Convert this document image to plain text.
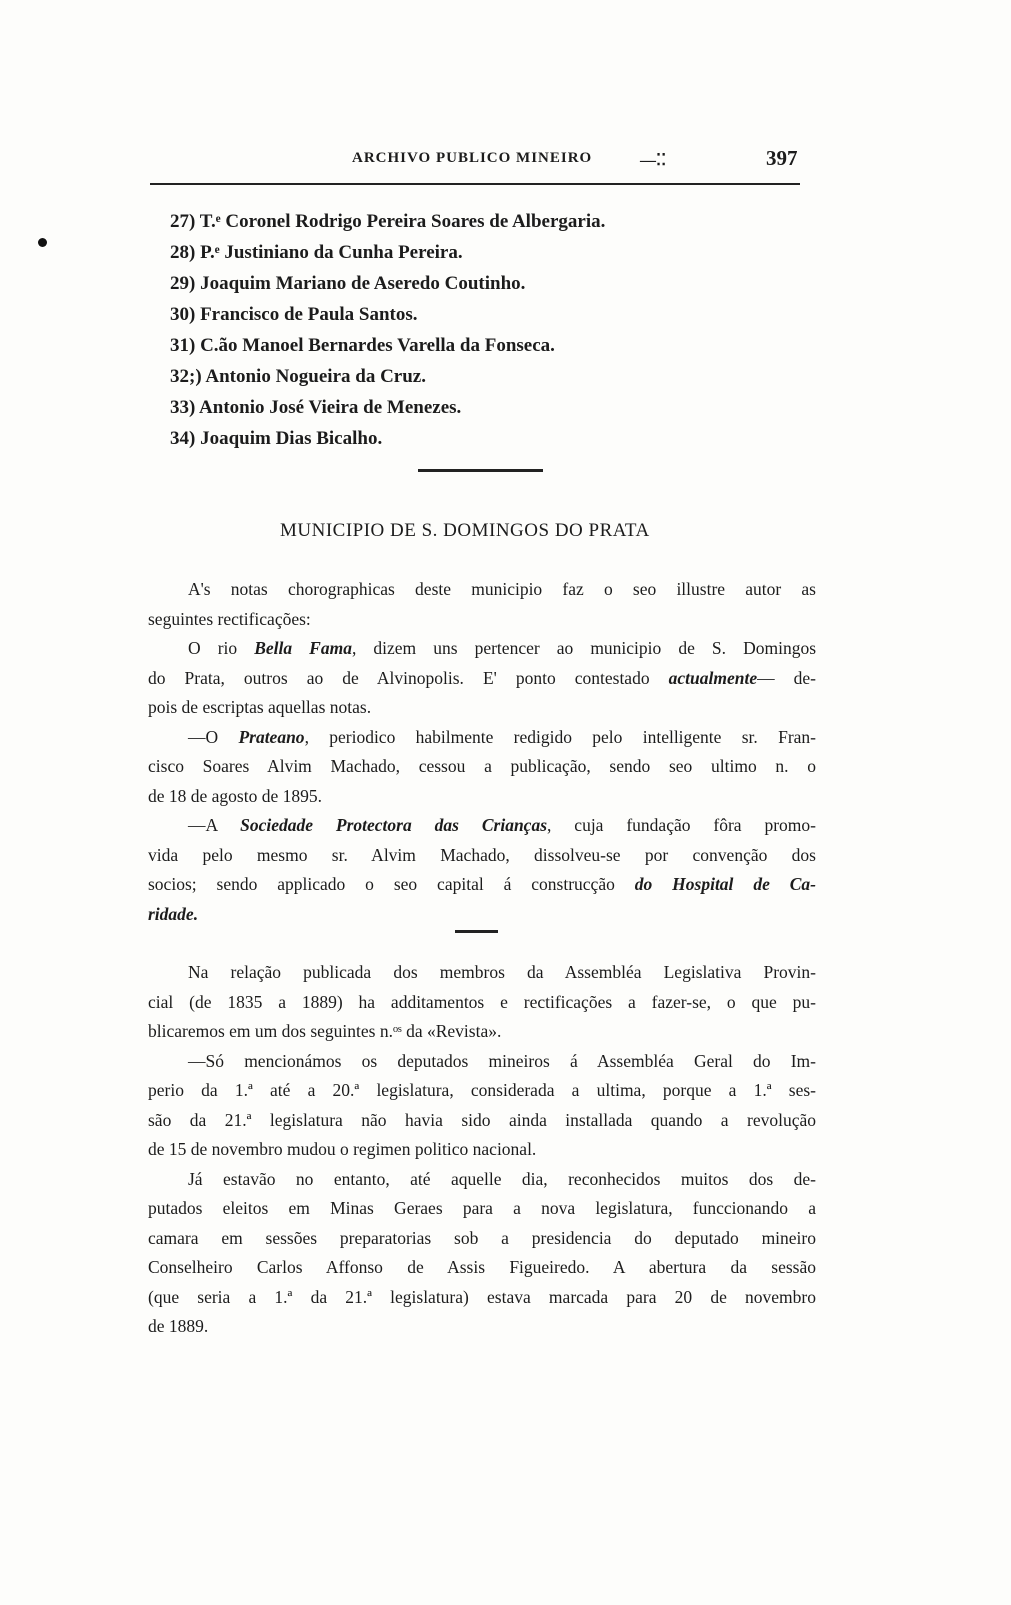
ARCHIVO PUBLICO MINEIRO	—⁚⁚	397
27) T.ᵉ Coronel Rodrigo Pereira Soares de Albergaria.
28) P.ᵉ Justiniano da Cunha Pereira.
29) Joaquim Mariano de Aseredo Coutinho.
30) Francisco de Paula Santos.
31) C.ão Manoel Bernardes Varella da Fonseca.
32;) Antonio Nogueira da Cruz.
33) Antonio José Vieira de Menezes.
34) Joaquim Dias Bicalho.
MUNICIPIO DE S. DOMINGOS DO PRATA
A's notas chorographicas deste municipio faz o seo illustre autor as
seguintes rectificações:
O rio Bella Fama, dizem uns pertencer ao municipio de S. Domingos
do Prata, outros ao de Alvinopolis. E' ponto contestado actualmente— de-
pois de escriptas aquellas notas.
—O Prateano, periodico habilmente redigido pelo intelligente sr. Fran-
cisco Soares Alvim Machado, cessou a publicação, sendo seo ultimo n. o
de 18 de agosto de 1895.
—A Sociedade Protectora das Crianças, cuja fundação fôra promo-
vida pelo mesmo sr. Alvim Machado, dissolveu-se por convenção dos
socios; sendo applicado o seo capital á construcção do Hospital de Ca-
ridade.
Na relação publicada dos membros da Assembléa Legislativa Provin-
cial (de 1835 a 1889) ha additamentos e rectificações a fazer-se, o que pu-
blicaremos em um dos seguintes n.ᵒˢ da «Revista».
—Só mencionámos os deputados mineiros á Assembléa Geral do Im-
perio da 1.ª até a 20.ª legislatura, considerada a ultima, porque a 1.ª ses-
são da 21.ª legislatura não havia sido ainda installada quando a revolução
de 15 de novembro mudou o regimen politico nacional.
Já estavão no entanto, até aquelle dia, reconhecidos muitos dos de-
putados eleitos em Minas Geraes para a nova legislatura, funccionando a
camara em sessões preparatorias sob a presidencia do deputado mineiro
Conselheiro Carlos Affonso de Assis Figueiredo. A abertura da sessão
(que seria a 1.ª da 21.ª legislatura) estava marcada para 20 de novembro
de 1889.
